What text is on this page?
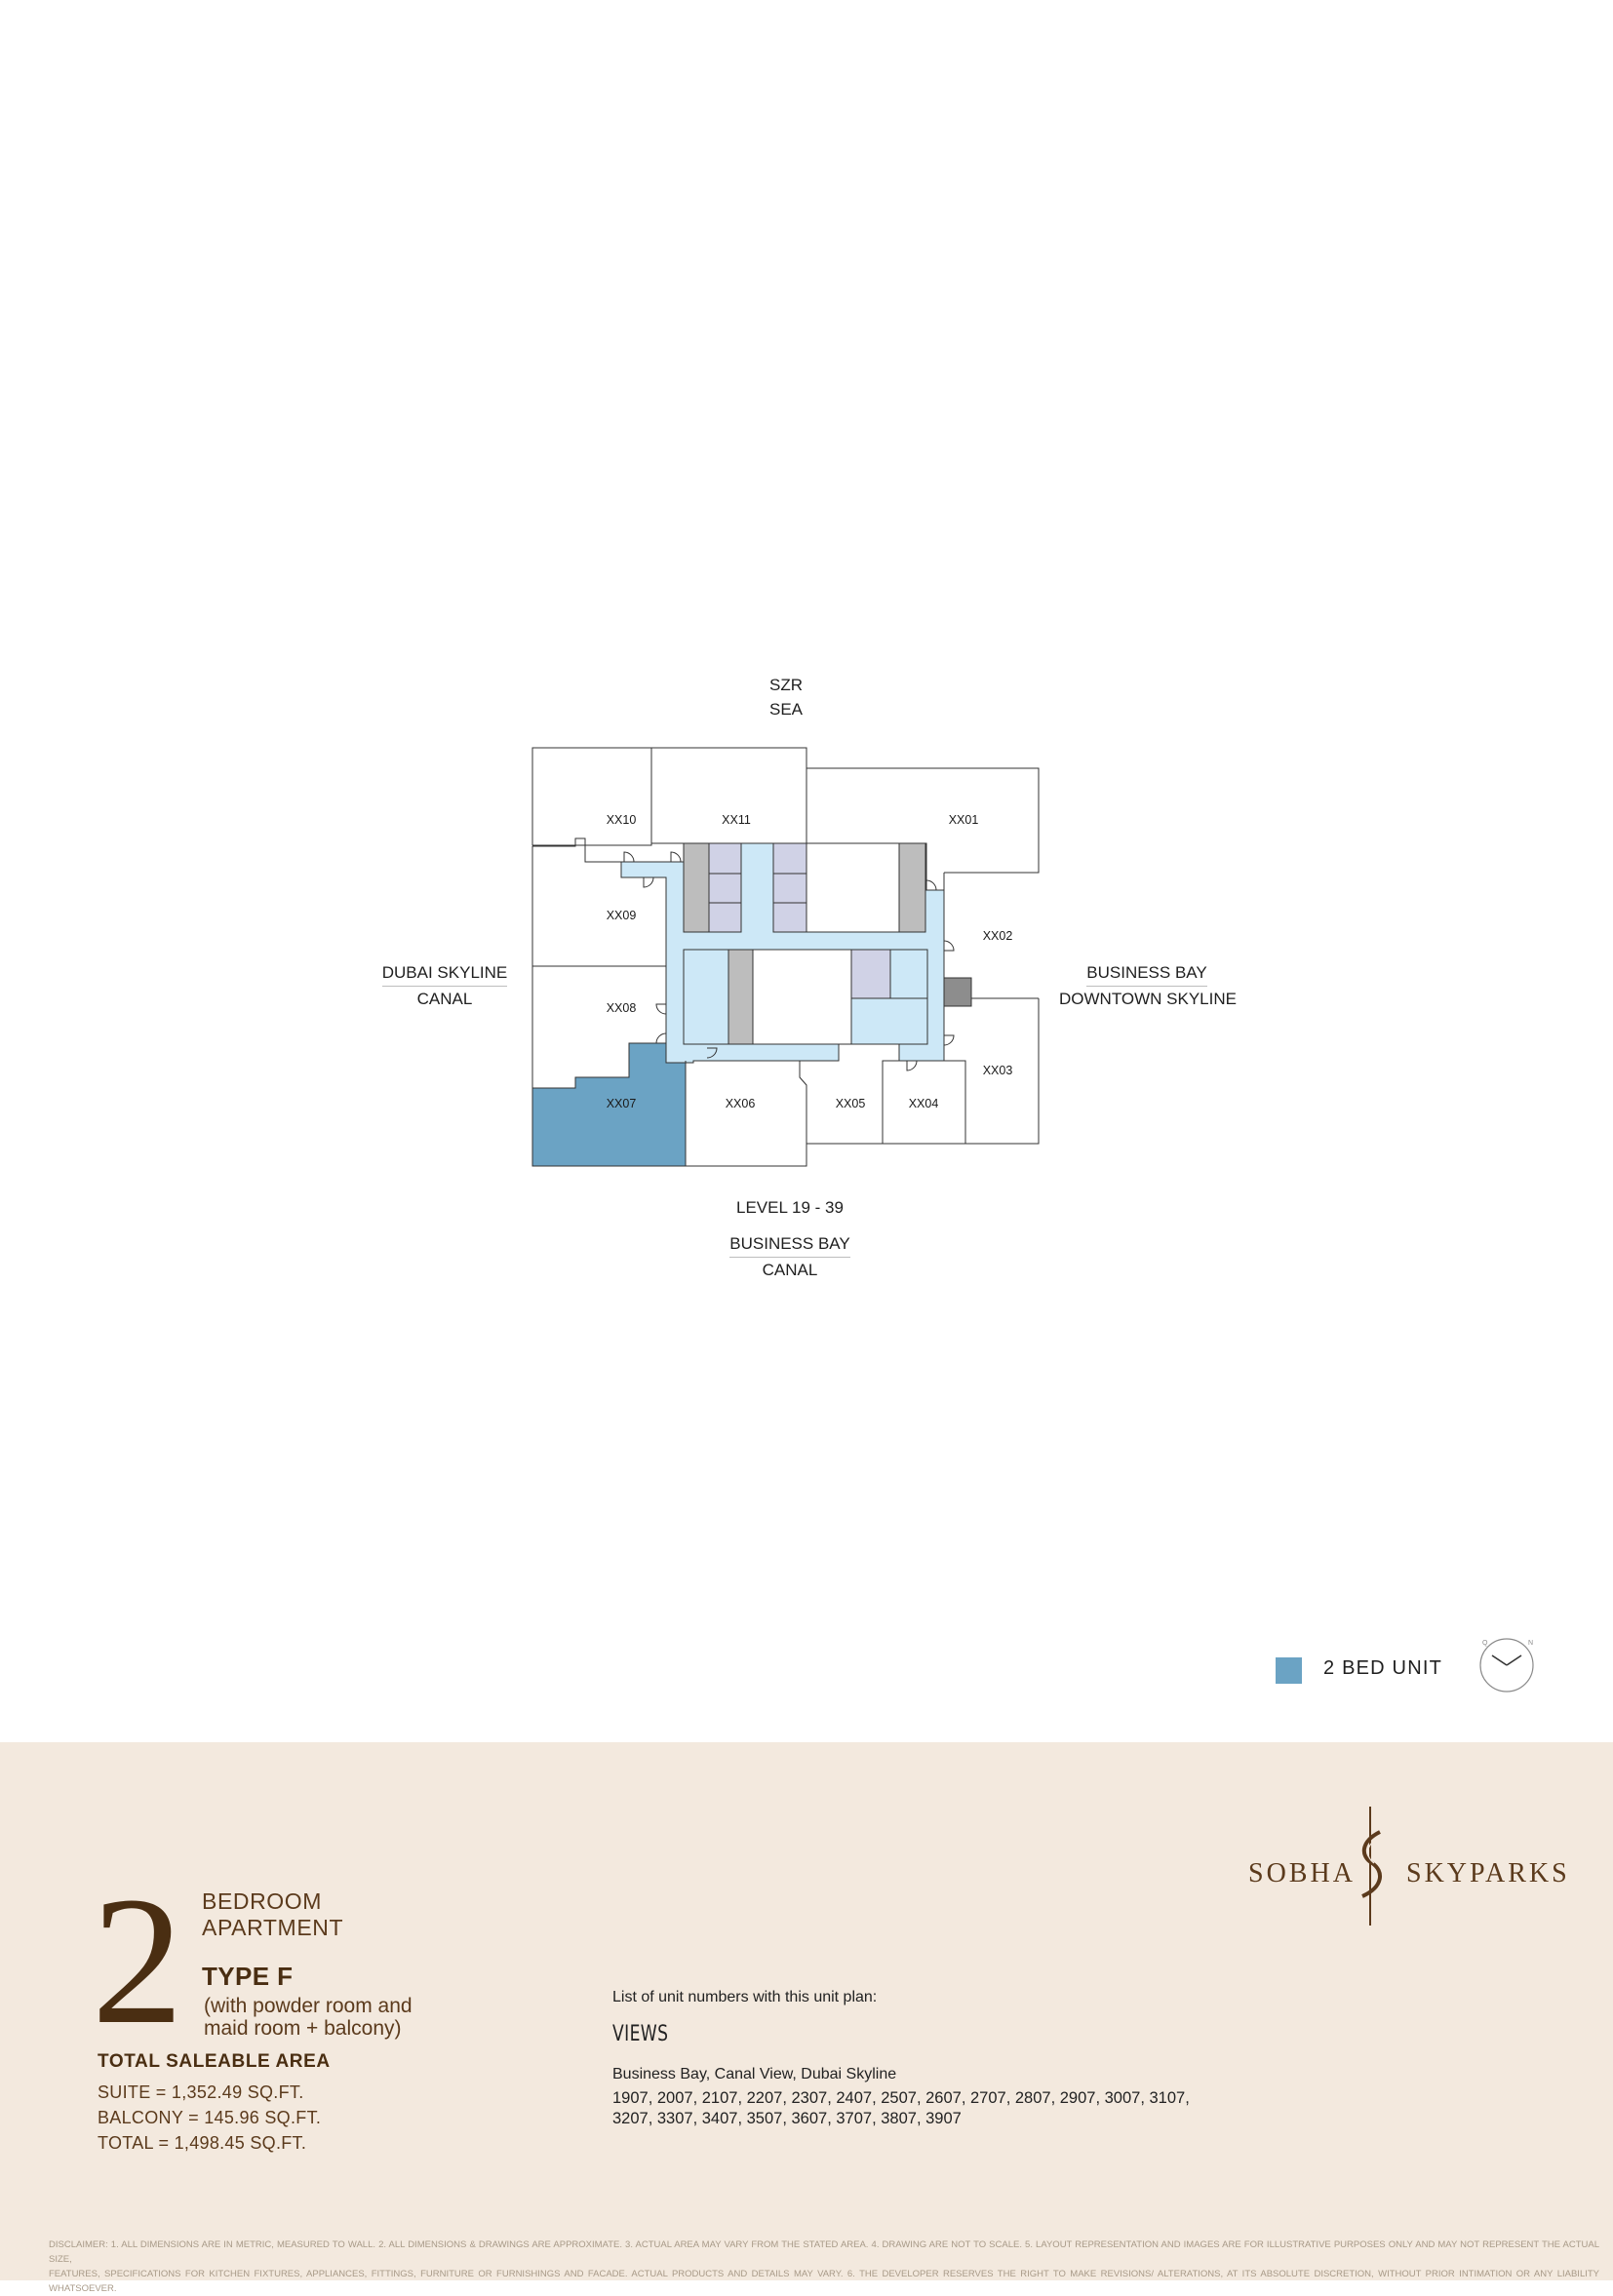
SZR
SEA
DUBAI SKYLINE
CANAL
BUSINESS BAY
DOWNTOWN SKYLINE
LEVEL 19 - 39
BUSINESS BAY
CANAL
XX10	XX11	XX01
XX09
XX02
XX08
XX03
XX07	XX06	XX05	XX04
2 BED UNIT
Q	N
2 BEDROOM
APARTMENT
TYPE F
(with powder room and
maid room + balcony)
TOTAL SALEABLE AREA
SUITE = 1,352.49 SQ.FT.
BALCONY = 145.96 SQ.FT.
TOTAL = 1,498.45 SQ.FT.
List of unit numbers with this unit plan:
VIEWS
Business Bay, Canal View, Dubai Skyline
1907, 2007, 2107, 2207, 2307, 2407, 2507, 2607, 2707, 2807, 2907, 3007, 3107,
3207, 3307, 3407, 3507, 3607, 3707, 3807, 3907
SOBHA SKYPARKS
DISCLAIMER: 1. ALL DIMENSIONS ARE IN METRIC, MEASURED TO WALL. 2. ALL DIMENSIONS & DRAWINGS ARE APPROXIMATE. 3. ACTUAL AREA MAY VARY FROM THE STATED AREA. 4. DRAWING ARE NOT TO SCALE. 5. LAYOUT REPRESENTATION AND IMAGES ARE FOR ILLUSTRATIVE PURPOSES ONLY AND MAY NOT REPRESENT THE ACTUAL SIZE,
FEATURES, SPECIFICATIONS FOR KITCHEN FIXTURES, APPLIANCES, FITTINGS, FURNITURE OR FURNISHINGS AND FACADE. ACTUAL PRODUCTS AND DETAILS MAY VARY. 6. THE DEVELOPER RESERVES THE RIGHT TO MAKE REVISIONS/ ALTERATIONS, AT ITS ABSOLUTE DISCRETION, WITHOUT PRIOR INTIMATION OR ANY LIABILITY WHATSOEVER.
